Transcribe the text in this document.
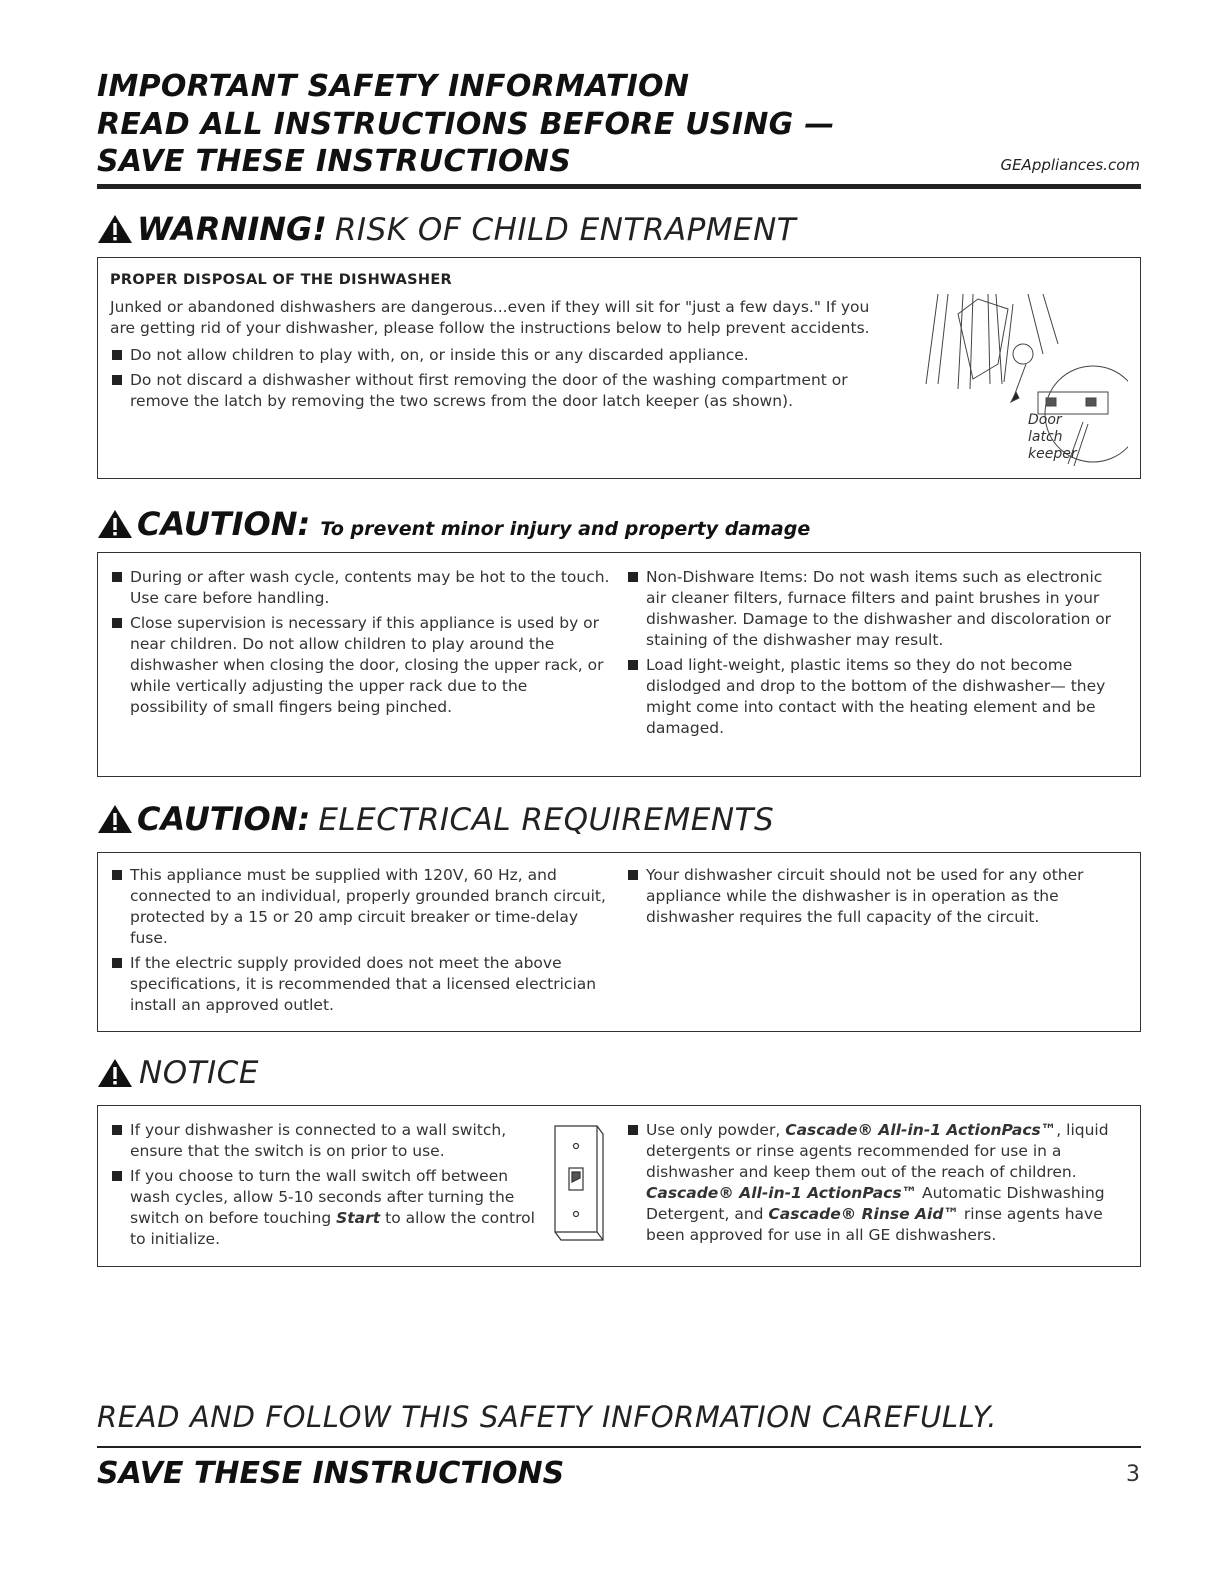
IMPORTANT SAFETY INFORMATION
READ ALL INSTRUCTIONS BEFORE USING —
SAVE THESE INSTRUCTIONS	GEAppliances.com
WARNING! RISK OF CHILD ENTRAPMENT
PROPER DISPOSAL OF THE DISHWASHER
Junked or abandoned dishwashers are dangerous...even if they will sit for "just a few days." If you are getting rid of your dishwasher, please follow the instructions below to help prevent accidents.
Do not allow children to play with, on, or inside this or any discarded appliance.
Do not discard a dishwasher without first removing the door of the washing compartment or remove the latch by removing the two screws from the door latch keeper (as shown).
Door
latch
keeper
CAUTION: To prevent minor injury and property damage
During or after wash cycle, contents may be hot to the touch. Use care before handling.
Close supervision is necessary if this appliance is used by or near children. Do not allow children to play around the dishwasher when closing the door, closing the upper rack, or while vertically adjusting the upper rack due to the possibility of small fingers being pinched.
Non-Dishware Items: Do not wash items such as electronic air cleaner filters, furnace filters and paint brushes in your dishwasher. Damage to the dishwasher and discoloration or staining of the dishwasher may result.
Load light-weight, plastic items so they do not become dislodged and drop to the bottom of the dishwasher— they might come into contact with the heating element and be damaged.
CAUTION: ELECTRICAL REQUIREMENTS
This appliance must be supplied with 120V, 60 Hz, and connected to an individual, properly grounded branch circuit, protected by a 15 or 20 amp circuit breaker or time-delay fuse.
If the electric supply provided does not meet the above specifications, it is recommended that a licensed electrician install an approved outlet.
Your dishwasher circuit should not be used for any other appliance while the dishwasher is in operation as the dishwasher requires the full capacity of the circuit.
NOTICE
If your dishwasher is connected to a wall switch, ensure that the switch is on prior to use.
If you choose to turn the wall switch off between wash cycles, allow 5-10 seconds after turning the switch on before touching Start to allow the control to initialize.
Use only powder, Cascade® All-in-1 ActionPacs™, liquid detergents or rinse agents recommended for use in a dishwasher and keep them out of the reach of children. Cascade® All-in-1 ActionPacs™ Automatic Dishwashing Detergent, and Cascade® Rinse Aid™ rinse agents have been approved for use in all GE dishwashers.
READ AND FOLLOW THIS SAFETY INFORMATION CAREFULLY.
SAVE THESE INSTRUCTIONS	3
